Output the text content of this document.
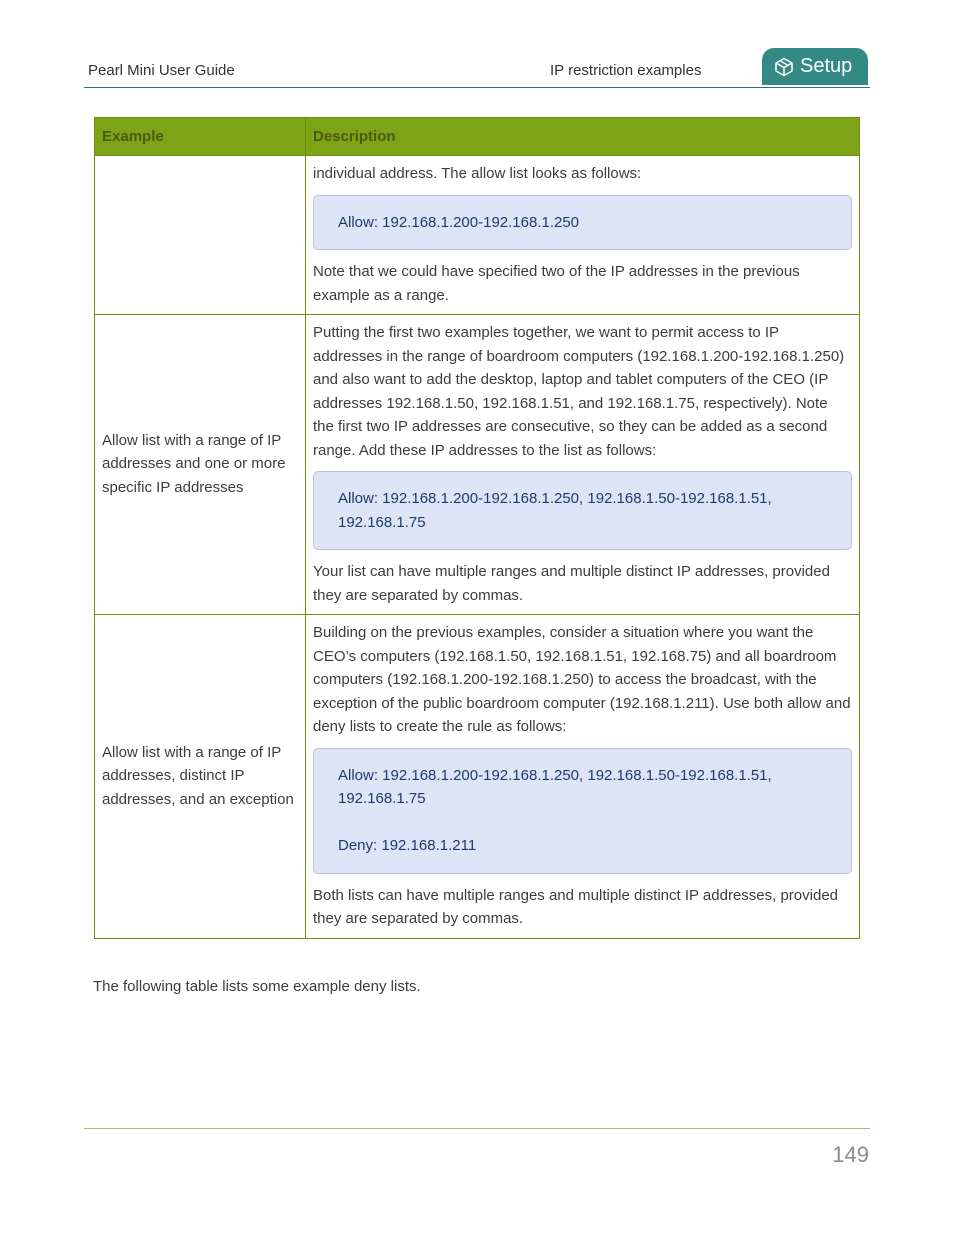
Pearl Mini User Guide	IP restriction examples	Setup
Example	Description

	individual address. The allow list looks as follows:

Allow: 192.168.1.200-192.168.1.250

Note that we could have specified two of the IP addresses in the previous example as a range.

Allow list with a range of IP addresses and one or more specific IP addresses	Putting the first two examples together, we want to permit access to IP addresses in the range of boardroom computers (192.168.1.200-192.168.1.250) and also want to add the desktop, laptop and tablet computers of the CEO (IP addresses 192.168.1.50, 192.168.1.51, and 192.168.1.75, respectively). Note the first two IP addresses are consecutive, so they can be added as a second range. Add these IP addresses to the list as follows:

Allow: 192.168.1.200-192.168.1.250, 192.168.1.50-192.168.1.51, 192.168.1.75

Your list can have multiple ranges and multiple distinct IP addresses, provided they are separated by commas.

Allow list with a range of IP addresses, distinct IP addresses, and an exception	Building on the previous examples, consider a situation where you want the CEO’s computers (192.168.1.50, 192.168.1.51, 192.168.75) and all boardroom computers (192.168.1.200-192.168.1.250) to access the broadcast, with the exception of the public boardroom computer (192.168.1.211). Use both allow and deny lists to create the rule as follows:

Allow: 192.168.1.200-192.168.1.250, 192.168.1.50-192.168.1.51, 192.168.1.75
Deny: 192.168.1.211

Both lists can have multiple ranges and multiple distinct IP addresses, provided they are separated by commas.

The following table lists some example deny lists.

149
